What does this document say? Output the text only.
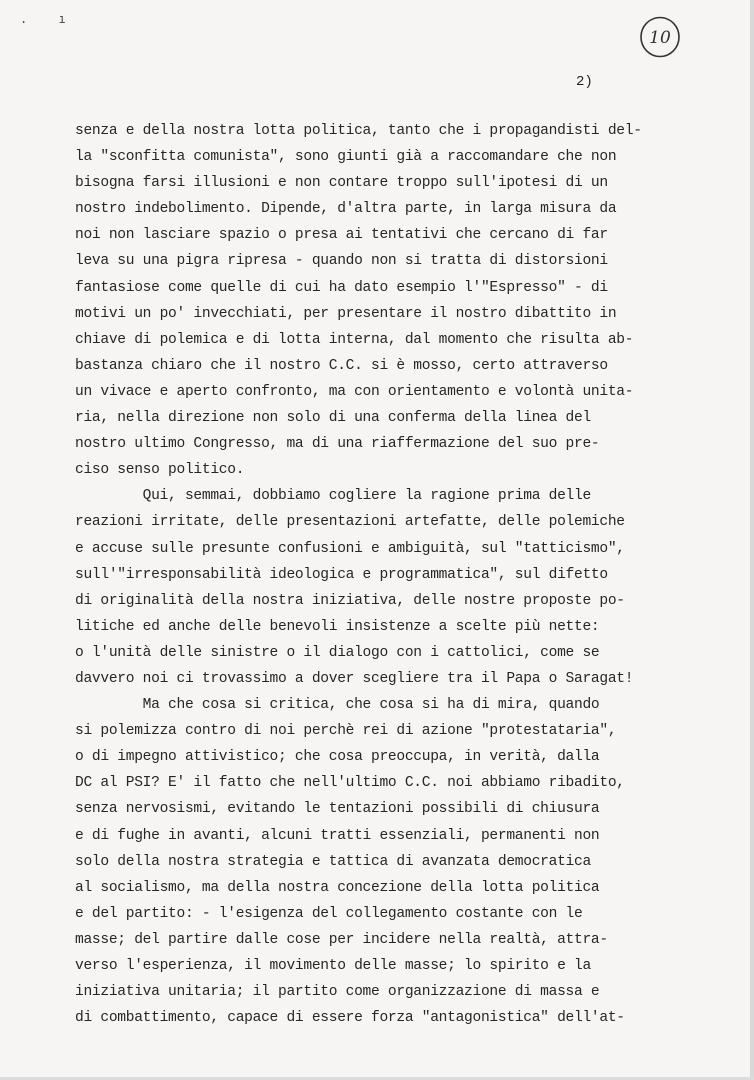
. ı
10
2)
senza e della nostra lotta politica, tanto che i propagandisti del-
la "sconfitta comunista", sono giunti già a raccomandare che non
bisogna farsi illusioni e non contare troppo sull'ipotesi di un
nostro indebolimento. Dipende, d'altra parte, in larga misura da
noi non lasciare spazio o presa ai tentativi che cercano di far
leva su una pigra ripresa - quando non si tratta di distorsioni
fantasiose come quelle di cui ha dato esempio l'"Espresso" - di
motivi un po' invecchiati, per presentare il nostro dibattito in
chiave di polemica e di lotta interna, dal momento che risulta ab-
bastanza chiaro che il nostro C.C. si è mosso, certo attraverso
un vivace e aperto confronto, ma con orientamento e volontà unita-
ria, nella direzione non solo di una conferma della linea del
nostro ultimo Congresso, ma di una riaffermazione del suo pre-
ciso senso politico.
Qui, semmai, dobbiamo cogliere la ragione prima delle
reazioni irritate, delle presentazioni artefatte, delle polemiche
e accuse sulle presunte confusioni e ambiguità, sul "tatticismo",
sull'"irresponsabilità ideologica e programmatica", sul difetto
di originalità della nostra iniziativa, delle nostre proposte po-
litiche ed anche delle benevoli insistenze a scelte più nette:
o l'unità delle sinistre o il dialogo con i cattolici, come se
davvero noi ci trovassimo a dover scegliere tra il Papa o Saragat!
Ma che cosa si critica, che cosa si ha di mira, quando
si polemizza contro di noi perchè rei di azione "protestataria",
o di impegno attivistico; che cosa preoccupa, in verità, dalla
DC al PSI? E' il fatto che nell'ultimo C.C. noi abbiamo ribadito,
senza nervosismi, evitando le tentazioni possibili di chiusura
e di fughe in avanti, alcuni tratti essenziali, permanenti non
solo della nostra strategia e tattica di avanzata democratica
al socialismo, ma della nostra concezione della lotta politica
e del partito: - l'esigenza del collegamento costante con le
masse; del partire dalle cose per incidere nella realtà, attra-
verso l'esperienza, il movimento delle masse; lo spirito e la
iniziativa unitaria; il partito come organizzazione di massa e
di combattimento, capace di essere forza "antagonistica" dell'at-
